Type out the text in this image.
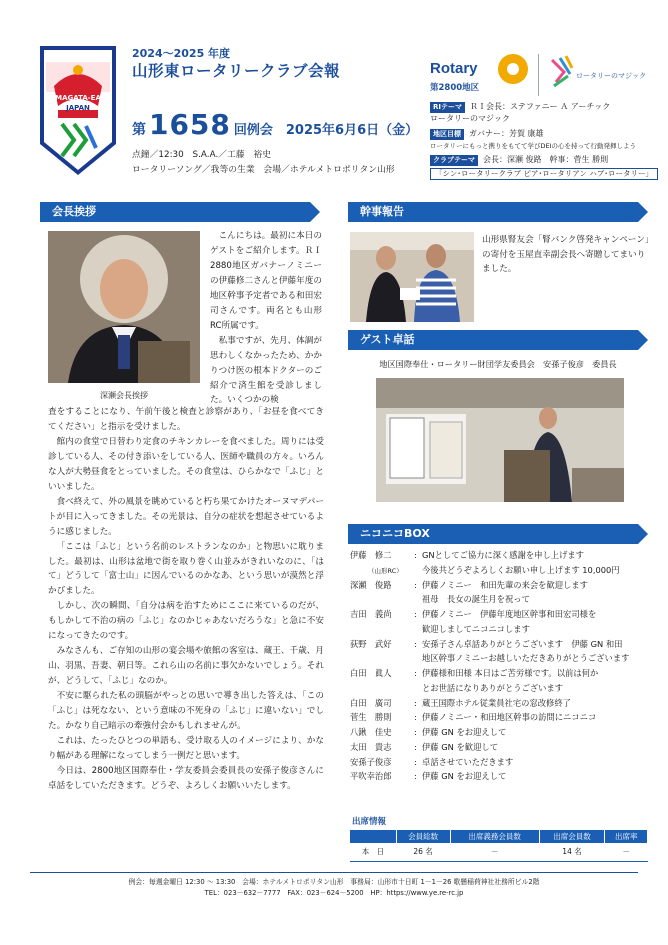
YAMAGATA-EAST
JAPAN
2024～2025 年度
山形東ロータリークラブ会報
第 1658 回例会 2025年6月6日（金）
点鐘／12:30　S.A.A.／工藤　裕史
ロータリーソング／我等の生業　会場／ホテルメトロポリタン山形
Rotary
第2800地区
ロータリーのマジック
RIテーマ ＲＩ会長：ステファニー Ａ アーチック
ロータリーのマジック
地区目標 ガバナー：芳賀 康雄
ロータリーにもっと携りをもてて学びDEIの心を持って行動発揮しよう
クラブテーマ 会長：深瀬 俊路　幹事：菅生 勝則
「シン･ロータリークラブ ピア･ロータリアン ハブ･ロータリー」
会長挨拶
深瀬会長挨拶

こんにちは。最初に本日のゲストをご紹介します。ＲＩ2880地区ガバナーノミニーの伊藤修二さんと伊藤年度の地区幹事予定者である和田宏司さんです。両名とも山形RC所属です。

私事ですが、先月、体調が思わしくなかったため、かかりつけ医の根本ドクターのご紹介で済生館を受診しました。いくつかの検

査をすることになり、午前午後と検査と診察があり、「お昼を食べてきてください」と指示を受けました。

館内の食堂で日替わり定食のチキンカレーを食べました。周りには受診している人、その付き添いをしている人、医師や職員の方々。いろんな人が大勢昼食をとっていました。その食堂は、ひらかなで「ふじ」といいました。

食べ終えて、外の風景を眺めていると朽ち果てかけたオーヌマデパートが目に入ってきました。その光景は、自分の症状を想起させているように感じました。

「ここは「ふじ」という名前のレストランなのか」と物思いに耽りました。最初は、山形は盆地で街を取り巻く山並みがきれいなのに、「はて」どうして「富士山」に因んでいるのかなあ、という思いが漠然と浮かびました。

しかし、次の瞬間、「自分は病を治すためにここに来ているのだが、もしかして不治の病の「ふじ」なのかじゃあないだろうな」と急に不安になってきたのです。

みなさんも、ご存知の山形の宴会場や旅館の客室は、蔵王、千歳、月山、羽黒、吾妻、朝日等。これら山の名前に事欠かないでしょう。それが、どうして、「ふじ」なのか。

不安に駆られた私の頭脳がやっとの思いで導き出した答えは、「この「ふじ」は死なない、という意味の不死身の「ふじ」に違いない」でした。かなり自己暗示の牽強付会かもしれませんが。

これは、たったひとつの単語も、受け取る人のイメージにより、かなり幅がある理解になってしまう一例だと思います。

今日は、2800地区国際奉仕・学友委員会委員長の安孫子俊彦さんに卓話をしていただきます。どうぞ、よろしくお願いいたします。

幹事報告
山形県腎友会「腎バンク啓発キャンペーン」の寄付を玉屋直幸副会長へ寄贈してまいりました。
ゲスト卓話
地区国際奉仕・ロータリー財団学友委員会　安孫子俊彦　委員長
ニコニコBOX
伊藤　修二
（山形RC）
: GNとしてご協力に深く感謝を申し上げます
今後共どうぞよろしくお願い申し上げます 10,000円
深瀬　俊路	: 伊藤ノミニー　和田先輩の来会を歓迎します
祖母　長女の誕生月を祝って
吉田　義尚	: 伊藤ノミニー　伊藤年度地区幹事和田宏司様を
歓迎しましてニコニコします
荻野　武好	: 安孫子さん卓話ありがとうございます　伊藤 GN 和田
地区幹事ノミニーお越しいただきありがとうございます
白田　眞人	: 伊藤様和田様 本日はご苦労様です。以前は何か
とお世話になりありがとうございます
白田　廣司	: 蔵王国際ホテル従業員社宅の窓改修終了
菅生　勝則	: 伊藤ノミニー・和田地区幹事の訪問にニコニコ
八鍬　佳史	: 伊藤 GN をお迎えして
太田　貴志	: 伊藤 GN を歓迎して
安孫子俊彦	: 卓話させていただきます
平吹幸治郎	: 伊藤 GN をお迎えして
出席情報
	会員総数	出席義務会員数	出席会員数	出席率
本　日	26 名	－	14 名	－
例会：毎週金曜日 12:30 ～ 13:30　会場：ホテルメトロポリタン山形　事務局：山形市十日町 1－1－26 歌懸稲荷神社社務所ビル2階
TEL：023－632－7777　FAX：023－624－5200　HP：https://www.ye.re-rc.jp
